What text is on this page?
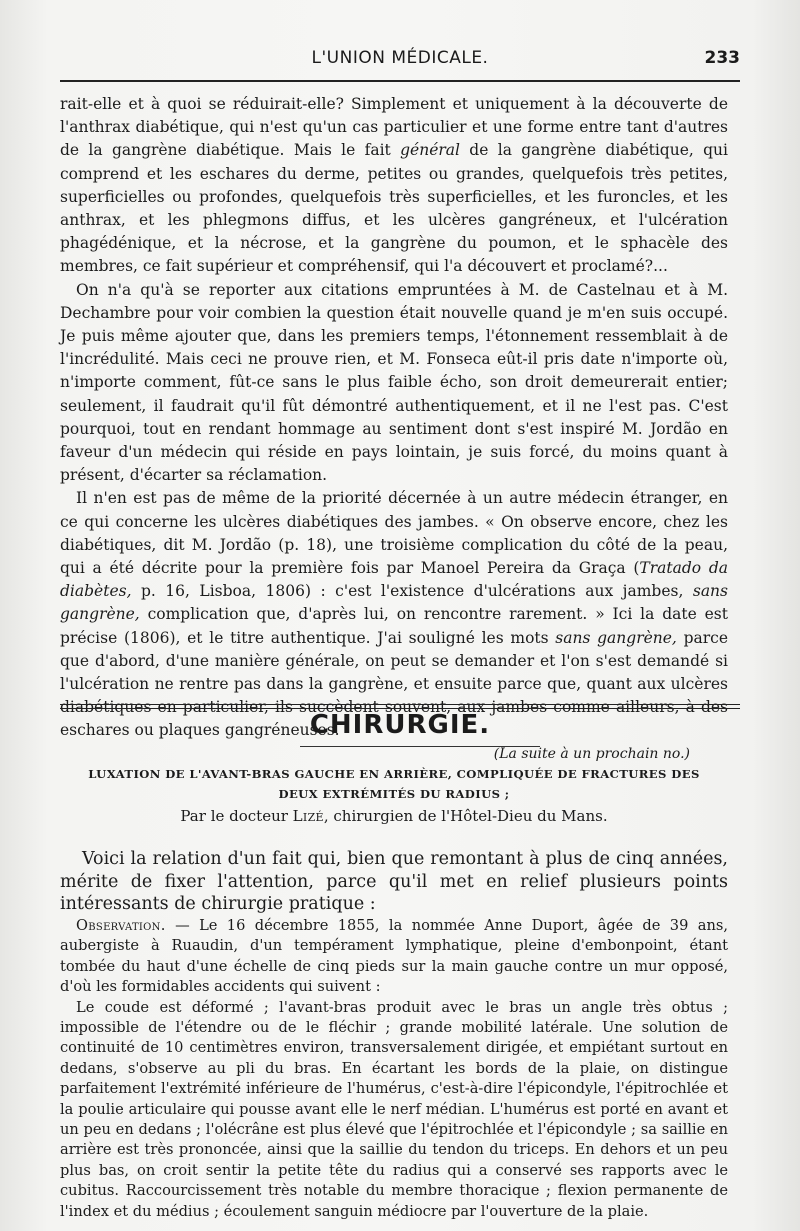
L'UNION MÉDICALE.	233

rait-elle et à quoi se réduirait-elle? Simplement et uniquement à la découverte de l'anthrax diabétique, qui n'est qu'un cas particulier et une forme entre tant d'autres de la gangrène diabétique. Mais le fait général de la gangrène diabétique, qui comprend et les eschares du derme, petites ou grandes, quelquefois très petites, superficielles ou profondes, quelquefois très superficielles, et les furoncles, et les anthrax, et les phlegmons diffus, et les ulcères gangréneux, et l'ulcération phagédénique, et la nécrose, et la gangrène du poumon, et le sphacèle des membres, ce fait supérieur et compréhensif, qui l'a découvert et proclamé?...

On n'a qu'à se reporter aux citations empruntées à M. de Castelnau et à M. Dechambre pour voir combien la question était nouvelle quand je m'en suis occupé. Je puis même ajouter que, dans les premiers temps, l'étonnement ressemblait à de l'incrédulité. Mais ceci ne prouve rien, et M. Fonseca eût-il pris date n'importe où, n'importe comment, fût-ce sans le plus faible écho, son droit demeurerait entier; seulement, il faudrait qu'il fût démontré authentiquement, et il ne l'est pas. C'est pourquoi, tout en rendant hommage au sentiment dont s'est inspiré M. Jordão en faveur d'un médecin qui réside en pays lointain, je suis forcé, du moins quant à présent, d'écarter sa réclamation.

Il n'en est pas de même de la priorité décernée à un autre médecin étranger, en ce qui concerne les ulcères diabétiques des jambes. « On observe encore, chez les diabétiques, dit M. Jordão (p. 18), une troisième complication du côté de la peau, qui a été décrite pour la première fois par Manoel Pereira da Graça (Tratado da diabètes, p. 16, Lisboa, 1806) : c'est l'existence d'ulcérations aux jambes, sans gangrène, complication que, d'après lui, on rencontre rarement. » Ici la date est précise (1806), et le titre authentique. J'ai souligné les mots sans gangrène, parce que d'abord, d'une manière générale, on peut se demander et l'on s'est demandé si l'ulcération ne rentre pas dans la gangrène, et ensuite parce que, quant aux ulcères diabétiques en particulier, ils succèdent souvent, aux jambes comme ailleurs, à des eschares ou plaques gangréneuses.

(La suite à un prochain no.)

CHIRURGIE.
LUXATION DE L'AVANT-BRAS GAUCHE EN ARRIÈRE, COMPLIQUÉE DE FRACTURES DES
DEUX EXTRÉMITÉS DU RADIUS ;
Par le docteur Lizé, chirurgien de l'Hôtel-Dieu du Mans.

Voici la relation d'un fait qui, bien que remontant à plus de cinq années, mérite de fixer l'attention, parce qu'il met en relief plusieurs points intéressants de chirurgie pratique :

Observation. — Le 16 décembre 1855, la nommée Anne Duport, âgée de 39 ans, aubergiste à Ruaudin, d'un tempérament lymphatique, pleine d'embonpoint, étant tombée du haut d'une échelle de cinq pieds sur la main gauche contre un mur opposé, d'où les formidables accidents qui suivent :

Le coude est déformé ; l'avant-bras produit avec le bras un angle très obtus ; impossible de l'étendre ou de le fléchir ; grande mobilité latérale. Une solution de continuité de 10 centimètres environ, transversalement dirigée, et empiétant surtout en dedans, s'observe au pli du bras. En écartant les bords de la plaie, on distingue parfaitement l'extrémité inférieure de l'humérus, c'est-à-dire l'épicondyle, l'épitrochlée et la poulie articulaire qui pousse avant elle le nerf médian. L'humérus est porté en avant et un peu en dedans ; l'olécrâne est plus élevé que l'épitrochlée et l'épicondyle ; sa saillie en arrière est très prononcée, ainsi que la saillie du tendon du triceps. En dehors et un peu plus bas, on croit sentir la petite tête du radius qui a conservé ses rapports avec le cubitus. Raccourcissement très notable du membre thoracique ; flexion permanente de l'index et du médius ; écoulement sanguin médiocre par l'ouverture de la plaie.
